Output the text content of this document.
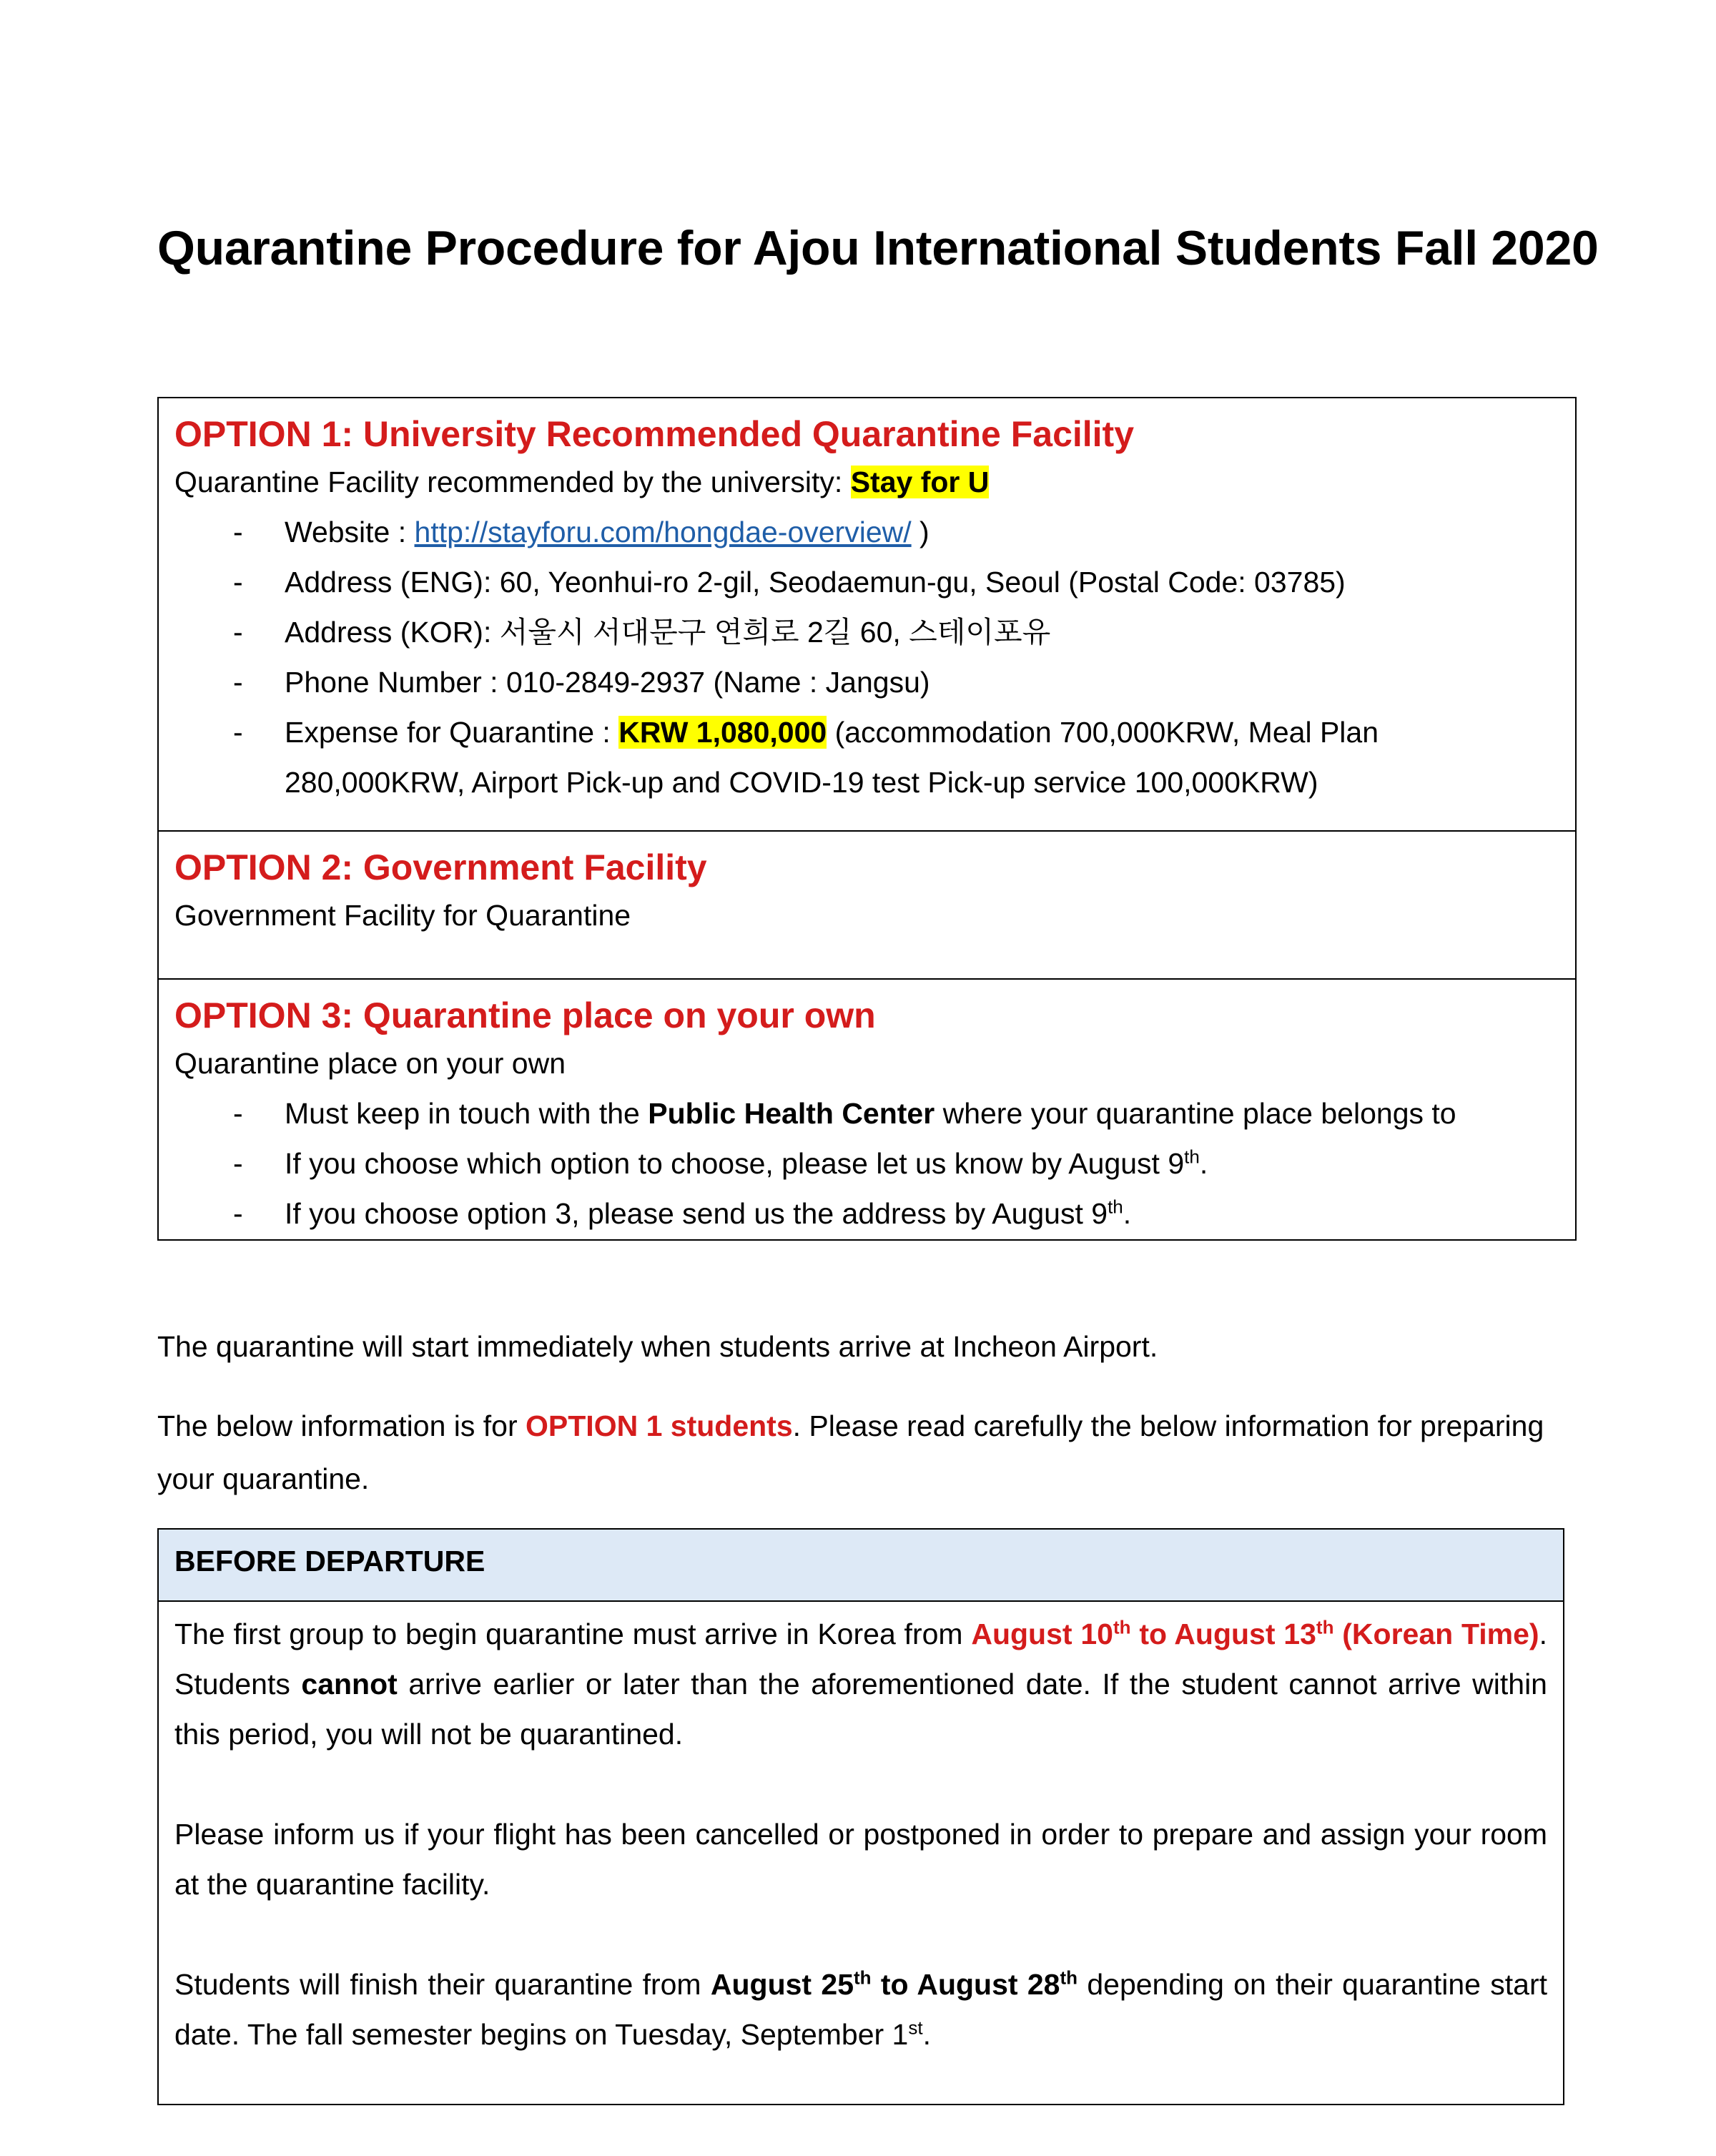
Quarantine Procedure for Ajou International Students Fall 2020
OPTION 1: University Recommended Quarantine Facility
Quarantine Facility recommended by the university: Stay for U
- Website : http://stayforu.com/hongdae-overview/ )
- Address (ENG): 60, Yeonhui-ro 2-gil, Seodaemun-gu, Seoul (Postal Code: 03785)
- Address (KOR): 서울시 서대문구 연희로 2길 60, 스테이포유
- Phone Number : 010-2849-2937 (Name : Jangsu)
- Expense for Quarantine : KRW 1,080,000 (accommodation 700,000KRW, Meal Plan 280,000KRW, Airport Pick-up and COVID-19 test Pick-up service 100,000KRW)
OPTION 2: Government Facility
Government Facility for Quarantine
OPTION 3: Quarantine place on your own
Quarantine place on your own
- Must keep in touch with the Public Health Center where your quarantine place belongs to
- If you choose which option to choose, please let us know by August 9th.
- If you choose option 3, please send us the address by August 9th.

The quarantine will start immediately when students arrive at Incheon Airport.

The below information is for OPTION 1 students. Please read carefully the below information for preparing your quarantine.

BEFORE DEPARTURE

The first group to begin quarantine must arrive in Korea from August 10th to August 13th (Korean Time). Students cannot arrive earlier or later than the aforementioned date. If the student cannot arrive within this period, you will not be quarantined.

Please inform us if your flight has been cancelled or postponed in order to prepare and assign your room at the quarantine facility.

Students will finish their quarantine from August 25th to August 28th depending on their quarantine start date. The fall semester begins on Tuesday, September 1st.
